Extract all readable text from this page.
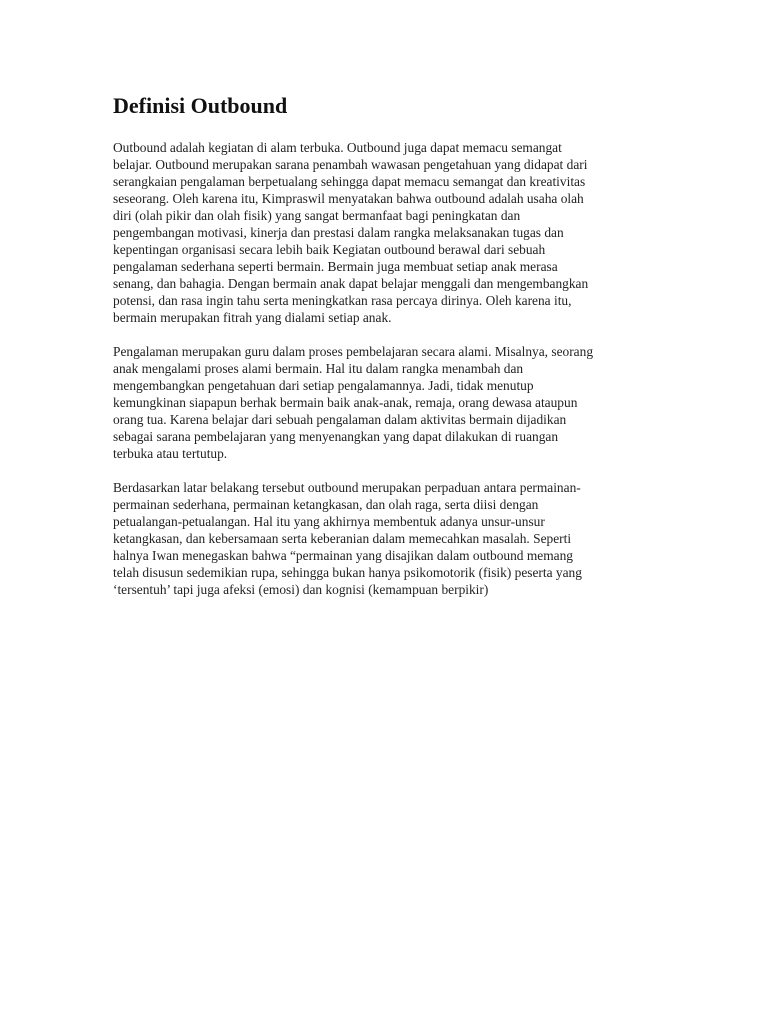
Definisi Outbound

Outbound adalah kegiatan di alam terbuka. Outbound juga dapat memacu semangat
belajar. Outbound merupakan sarana penambah wawasan pengetahuan yang didapat dari
serangkaian pengalaman berpetualang sehingga dapat memacu semangat dan kreativitas
seseorang. Oleh karena itu, Kimpraswil menyatakan bahwa outbound adalah usaha olah
diri (olah pikir dan olah fisik) yang sangat bermanfaat bagi peningkatan dan
pengembangan motivasi, kinerja dan prestasi dalam rangka melaksanakan tugas dan
kepentingan organisasi secara lebih baik Kegiatan outbound berawal dari sebuah
pengalaman sederhana seperti bermain. Bermain juga membuat setiap anak merasa
senang, dan bahagia. Dengan bermain anak dapat belajar menggali dan mengembangkan
potensi, dan rasa ingin tahu serta meningkatkan rasa percaya dirinya. Oleh karena itu,
bermain merupakan fitrah yang dialami setiap anak.

Pengalaman merupakan guru dalam proses pembelajaran secara alami. Misalnya, seorang
anak mengalami proses alami bermain. Hal itu dalam rangka menambah dan
mengembangkan pengetahuan dari setiap pengalamannya. Jadi, tidak menutup
kemungkinan siapapun berhak bermain baik anak-anak, remaja, orang dewasa ataupun
orang tua. Karena belajar dari sebuah pengalaman dalam aktivitas bermain dijadikan
sebagai sarana pembelajaran yang menyenangkan yang dapat dilakukan di ruangan
terbuka atau tertutup.

Berdasarkan latar belakang tersebut outbound merupakan perpaduan antara permainan-
permainan sederhana, permainan ketangkasan, dan olah raga, serta diisi dengan
petualangan-petualangan. Hal itu yang akhirnya membentuk adanya unsur-unsur
ketangkasan, dan kebersamaan serta keberanian dalam memecahkan masalah. Seperti
halnya Iwan menegaskan bahwa “permainan yang disajikan dalam outbound memang
telah disusun sedemikian rupa, sehingga bukan hanya psikomotorik (fisik) peserta yang
‘tersentuh’ tapi juga afeksi (emosi) dan kognisi (kemampuan berpikir)
